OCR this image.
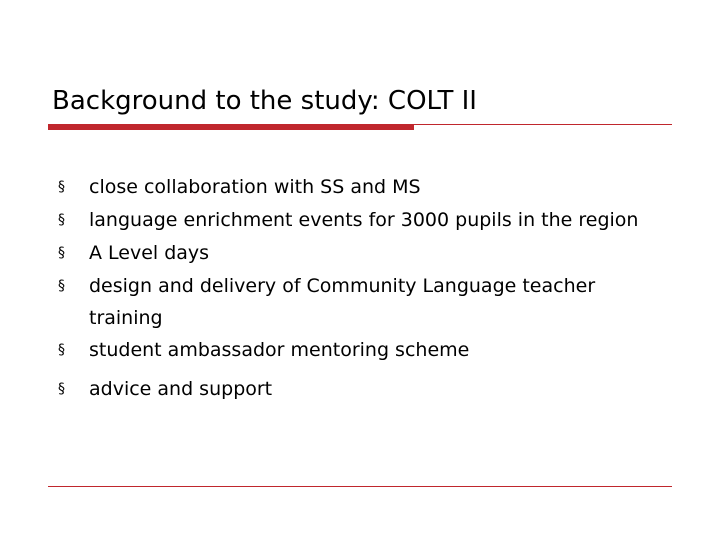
Background to the study: COLT II
§ close collaboration with SS and MS
§ language enrichment events for 3000 pupils in the region
§ A Level days
§ design and delivery of Community Language teacher training
§ student ambassador mentoring scheme
§ advice and support
